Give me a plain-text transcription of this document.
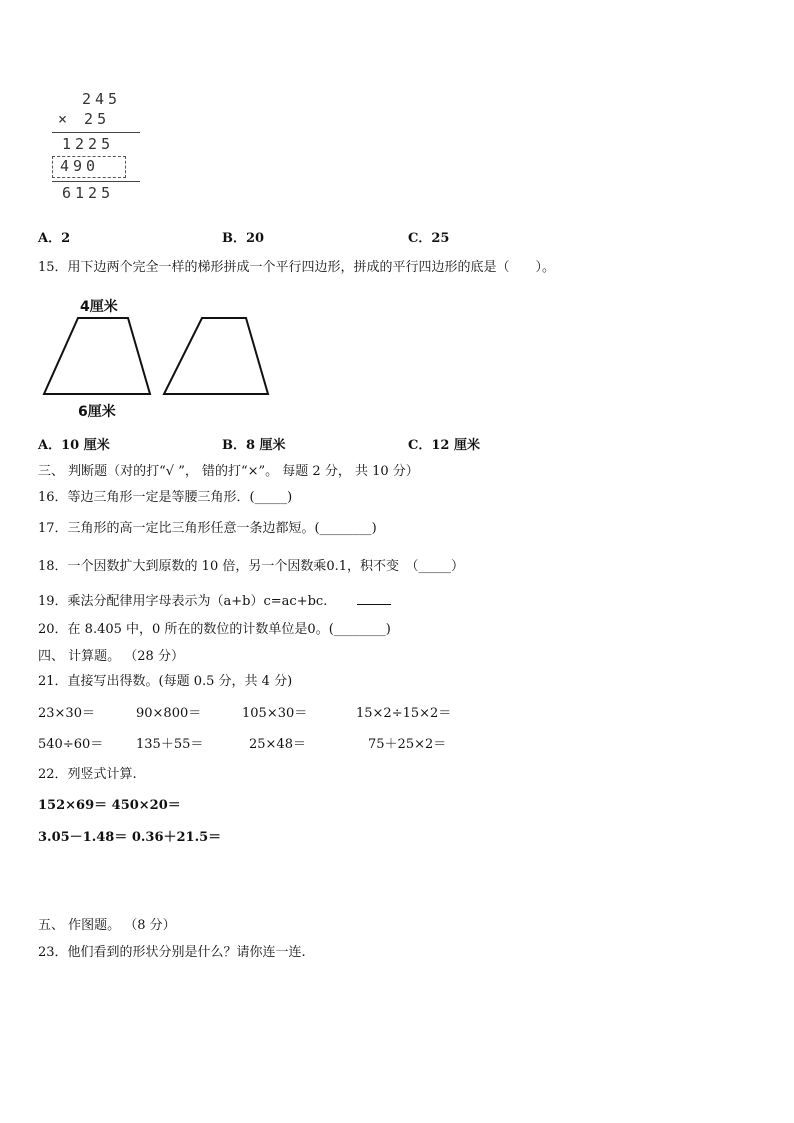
245
× 25
1225
490
6125
A．2	B．20	C．25
15．用下边两个完全一样的梯形拼成一个平行四边形，拼成的平行四边形的底是（　　）。
4厘米
6厘米
A．10 厘米	B．8 厘米	C．12 厘米
三、 判断题（对的打“√ ”， 错的打“×”。 每题 2 分， 共 10 分）
16．等边三角形一定是等腰三角形．(_____)
17．三角形的高一定比三角形任意一条边都短。(________)
18．一个因数扩大到原数的 10 倍，另一个因数乘0.1，积不变　（_____）
19．乘法分配律用字母表示为（a+b）c=ac+bc.
20．在 8.405 中，0 所在的数位的计数单位是0。(________)
四、 计算题。 （28 分）
21．直接写出得数。(每题 0.5 分，共 4 分)
23×30＝	90×800＝	105×30＝	15×2÷15×2＝
540÷60＝	135＋55＝	25×48＝	75＋25×2＝
22．列竖式计算.
152×69＝ 450×20＝
3.05－1.48＝ 0.36＋21.5＝
五、 作图题。 （8 分）
23．他们看到的形状分别是什么？请你连一连.
